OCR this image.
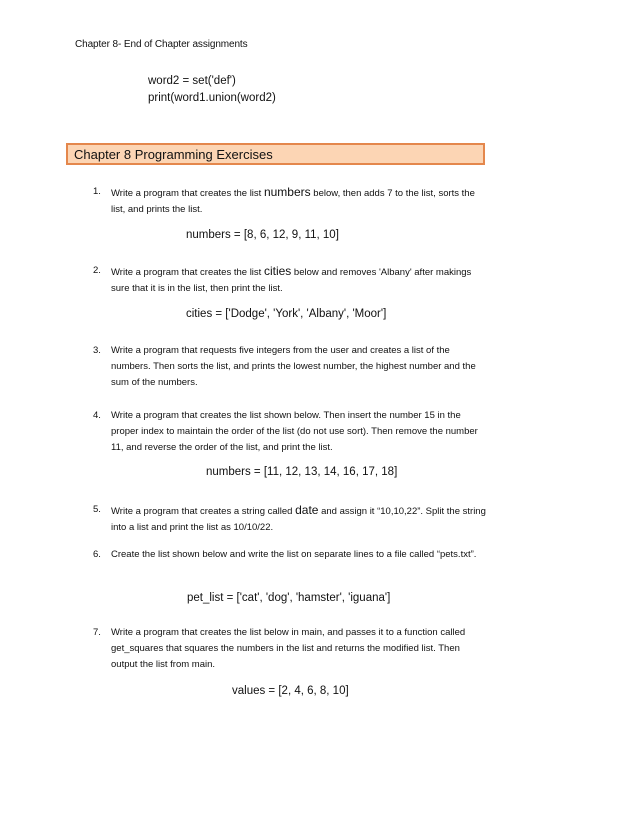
Chapter 8- End of Chapter assignments
word2 = set('def')
print(word1.union(word2)
Chapter 8 Programming Exercises
1.	Write a program that creates the list numbers below, then adds 7 to the list, sorts the list, and prints the list.
numbers = [8, 6, 12, 9, 11, 10]
2.	Write a program that creates the list cities below and removes 'Albany' after makings sure that it is in the list, then print the list.
cities = ['Dodge', 'York', 'Albany', 'Moor']
3.	Write a program that requests five integers from the user and creates a list of the numbers. Then sorts the list, and prints the lowest number, the highest number and the sum of the numbers.
4.	Write a program that creates the list shown below. Then insert the number 15 in the proper index to maintain the order of the list (do not use sort). Then remove the number 11, and reverse the order of the list, and print the list.
numbers = [11, 12, 13, 14, 16, 17, 18]
5.	Write a program that creates a string called date and assign it “10,10,22”. Split the string into a list and print the list as 10/10/22.
6.	Create the list shown below and write the list on separate lines to a file called “pets.txt”.
pet_list = ['cat', 'dog', 'hamster', 'iguana']
7.	Write a program that creates the list below in main, and passes it to a function called get_squares that squares the numbers in the list and returns the modified list. Then output the list from main.
values = [2, 4, 6, 8, 10]
